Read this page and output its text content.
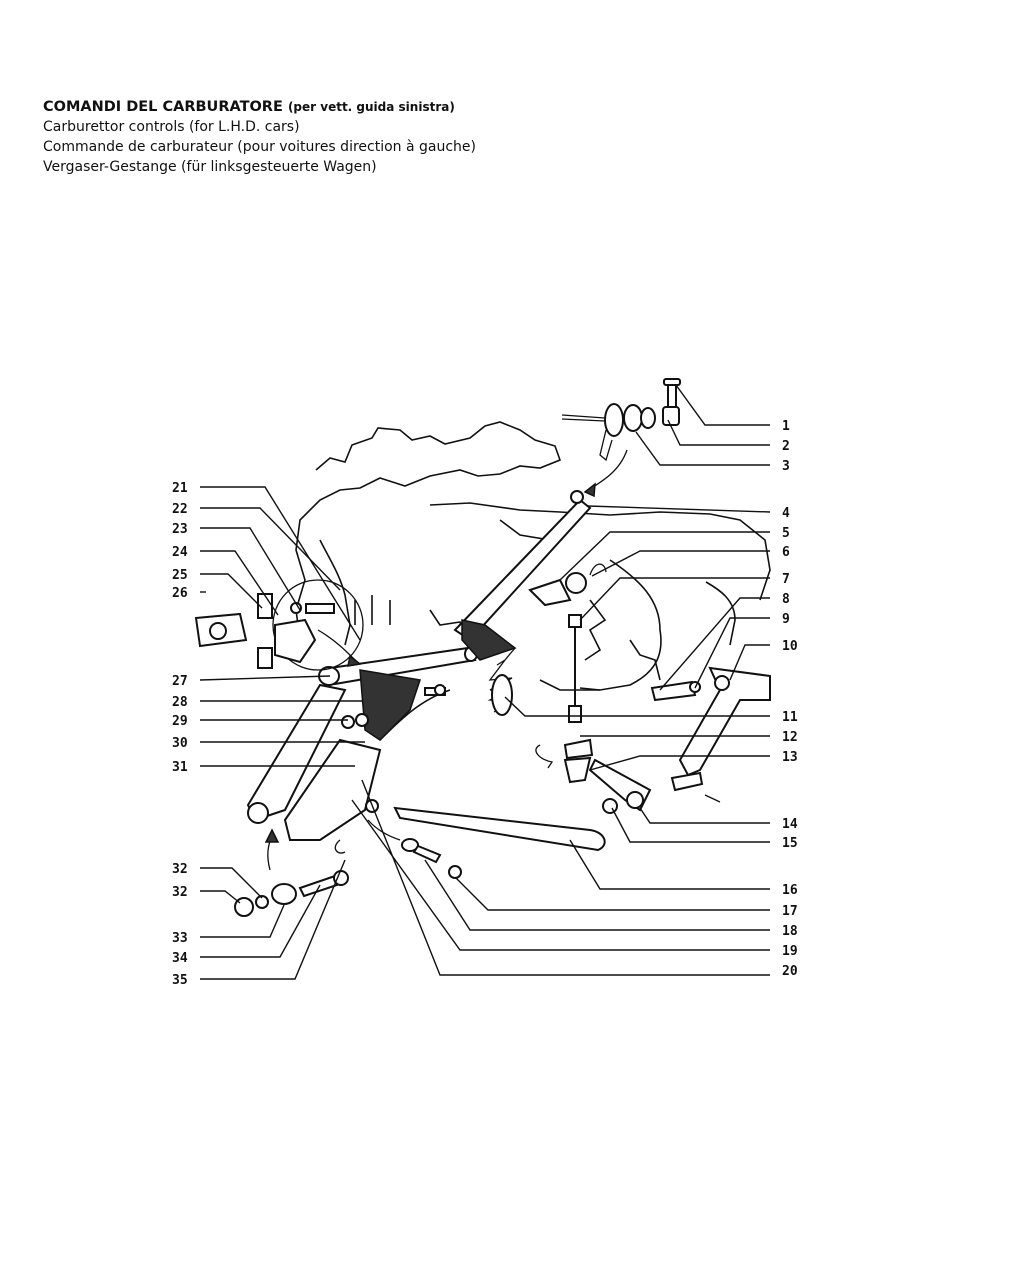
COMANDI DEL CARBURATORE (per vett. guida sinistra)
Carburettor controls (for L.H.D. cars)
Commande de carburateur (pour voitures direction à gauche)
Vergaser-Gestange (für linksgesteuerte Wagen)
1
2
3
4
5
6
7
8
9
10
11
12
13
14
15
16
17
18
19
20
21
22
23
24
25
26
27
28
29
30
31
32
32
33
34
35
